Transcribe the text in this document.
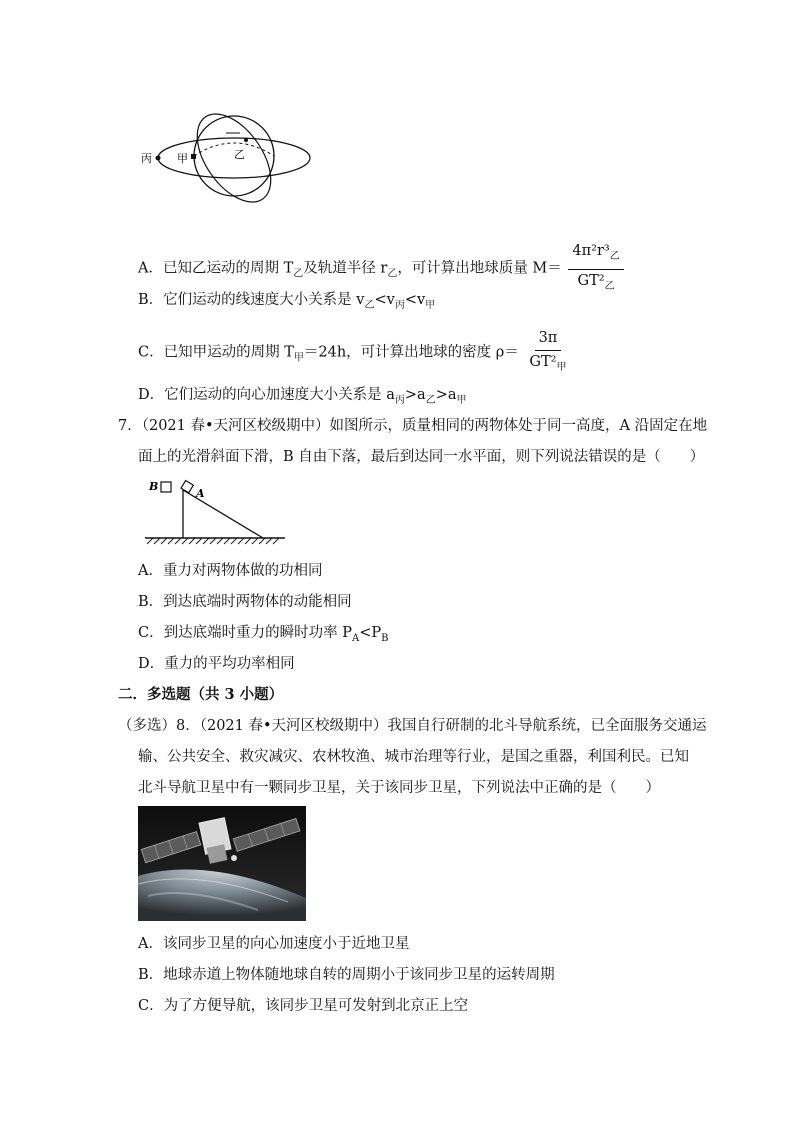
丙 甲	乙
A．已知乙运动的周期 $T_乙$及轨道半径 $r_乙$，可计算出地球质量 $M= \frac{4\pi^2r^3_乙}{GT^2_乙}$
B．它们运动的线速度大小关系是 $v_乙<v_丙<v_甲$
C．已知甲运动的周期 $T_甲=24h$，可计算出地球的密度 $\rho= \frac{3\pi}{GT^2_甲}$
D．它们运动的向心加速度大小关系是 $a_丙>a_乙>a_甲$
7．（2021 春•天河区校级期中）如图所示，质量相同的两物体处于同一高度，A 沿固定在地
面上的光滑斜面下滑，B 自由下落，最后到达同一水平面，则下列说法错误的是（　　）
A
B
A．重力对两物体做的功相同
B．到达底端时两物体的动能相同
C．到达底端时重力的瞬时功率 $P_A<P_B$
D．重力的平均功率相同
二．多选题（共 3 小题）
（多选）8．（2021 春•天河区校级期中）我国自行研制的北斗导航系统，已全面服务交通运
输、公共安全、救灾减灾、农林牧渔、城市治理等行业，是国之重器，利国利民。已知
北斗导航卫星中有一颗同步卫星，关于该同步卫星，下列说法中正确的是（　　）
A．该同步卫星的向心加速度小于近地卫星
B．地球赤道上物体随地球自转的周期小于该同步卫星的运转周期
C．为了方便导航，该同步卫星可发射到北京正上空
